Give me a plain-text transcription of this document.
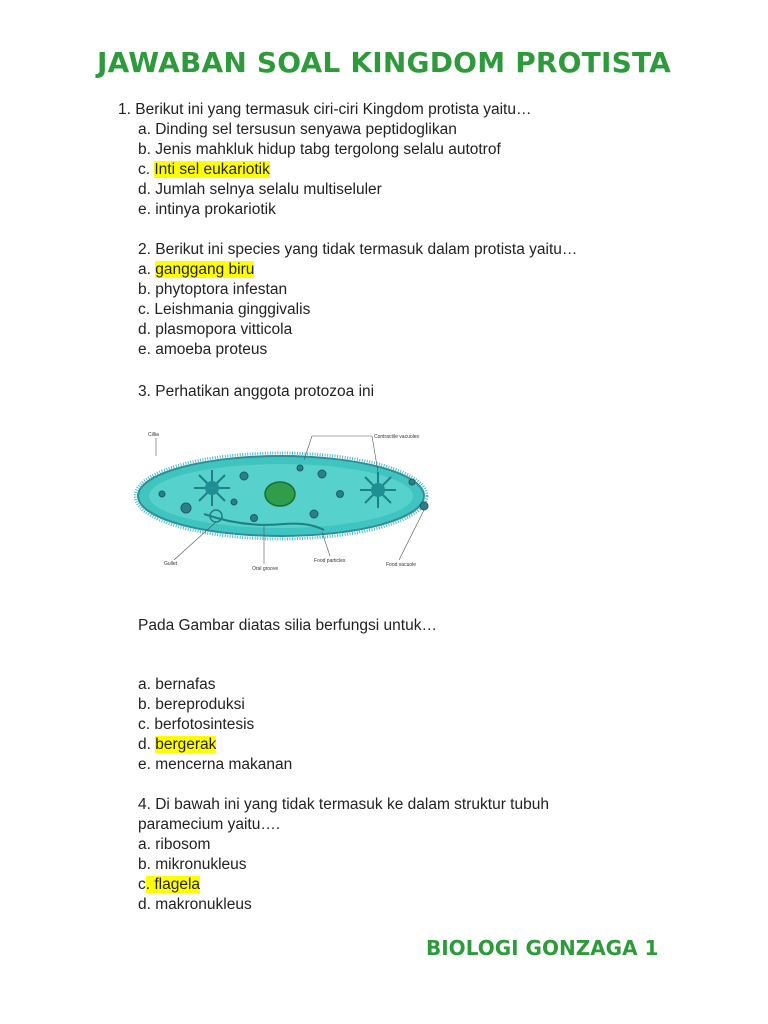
JAWABAN SOAL KINGDOM PROTISTA
1. Berikut ini yang termasuk ciri-ciri Kingdom protista yaitu…
a. Dinding sel tersusun senyawa peptidoglikan
b. Jenis mahkluk hidup tabg tergolong selalu autotrof
c. Inti sel eukariotik
d. Jumlah selnya selalu multiseluler
e. intinya prokariotik
2. Berikut ini species yang tidak termasuk dalam protista yaitu…
a. ganggang biru
b. phytoptora infestan
c. Leishmania ginggivalis
d. plasmopora vitticola
e. amoeba proteus
3. Perhatikan anggota protozoa ini
Cillia	Contractile vacuoles
Gullet
Oral groove
Food particles
Food vacuole
Pada Gambar diatas silia berfungsi untuk…
a. bernafas
b. bereproduksi
c. berfotosintesis
d. bergerak
e. mencerna makanan
4. Di bawah ini yang tidak termasuk ke dalam struktur tubuh
paramecium yaitu….
a. ribosom
b. mikronukleus
c. flagela
d. makronukleus
BIOLOGI GONZAGA 1
